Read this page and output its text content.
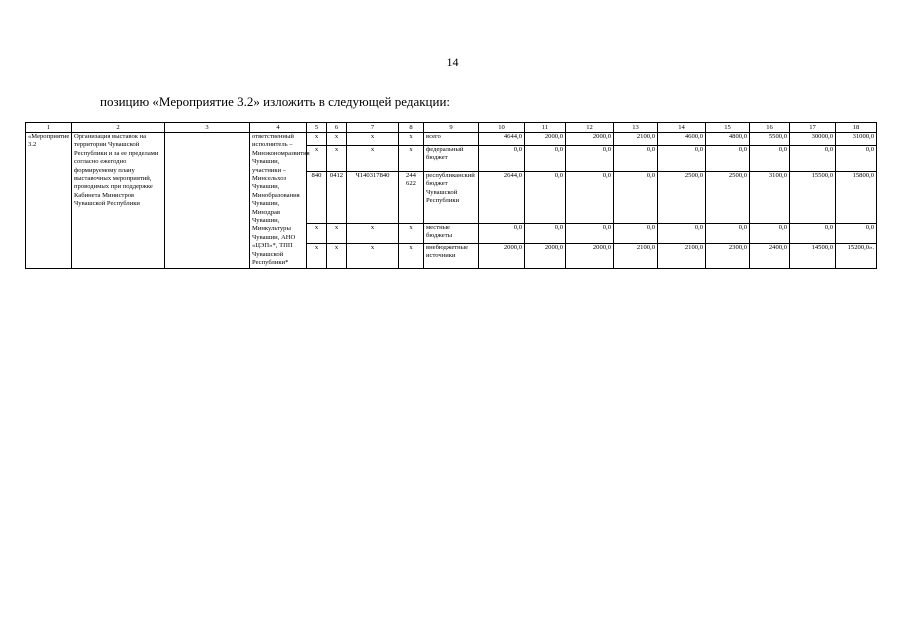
14
позицию «Мероприятие 3.2» изложить в следующей редакции:
1	2	3	4	5	6	7	8	9	10	11	12	13	14	15	16	17	18
«Мероприятие 3.2	Организация выставок на территории Чувашской Республики и за ее пределами согласно ежегодно формируемому плану выставочных мероприятий, проводимых при поддержке Кабинета Министров Чувашской Республики		ответственный исполнитель – Минэкономразвития Чувашии, участники – Минсельхоз Чувашии, Минобразования Чувашии, Минздрав Чувашии, Минкультуры Чувашии, АНО «ЦЭП»*, ТПП Чувашской Республики*	x	x	x	x	всего	4644,0	2000,0	2000,0	2100,0	4600,0	4800,0	5500,0	30000,0	31000,0
				x	x	x	x	федеральный бюджет	0,0	0,0	0,0	0,0	0,0	0,0	0,0	0,0	0,0
				840	0412	Ч140317840	244 622	республиканский бюджет Чувашской Республики	2644,0	0,0	0,0	0,0	2500,0	2500,0	3100,0	15500,0	15800,0
				x	x	x	x	местные бюджеты	0,0	0,0	0,0	0,0	0,0	0,0	0,0	0,0	0,0
				x	x	x	x	внебюджетные источники	2000,0	2000,0	2000,0	2100,0	2100,0	2300,0	2400,0	14500,0	15200,0».
